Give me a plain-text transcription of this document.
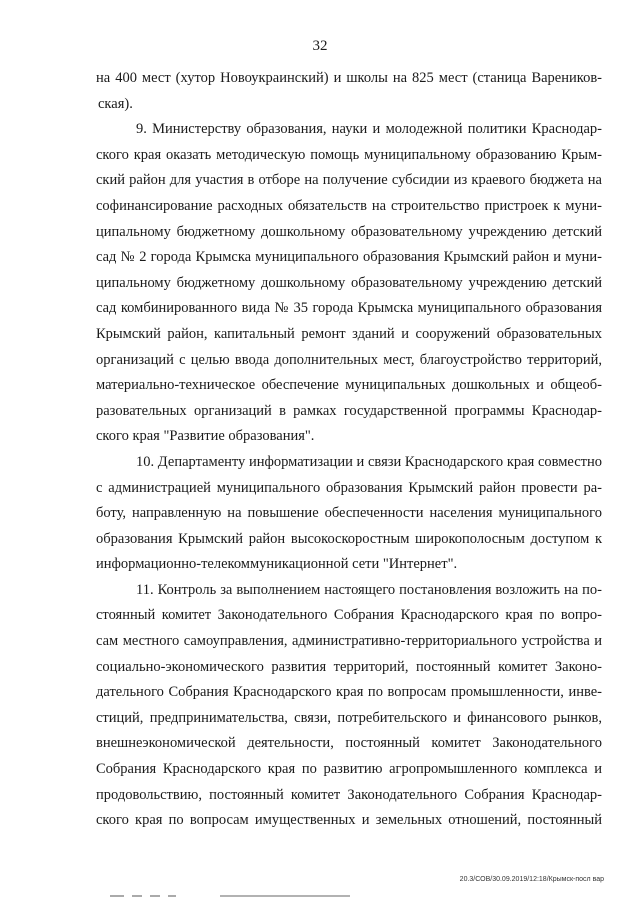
32
на 400 мест (хутор Новоукраинский) и школы на 825 мест (станица Вареников-
ская).
9. Министерству образования, науки и молодежной политики Краснодар-
ского края оказать методическую помощь муниципальному образованию Крым-
ский район для участия в отборе на получение субсидии из краевого бюджета на
софинансирование расходных обязательств на строительство пристроек к муни-
ципальному бюджетному дошкольному образовательному учреждению детский
сад № 2 города Крымска муниципального образования Крымский район и муни-
ципальному бюджетному дошкольному образовательному учреждению детский
сад комбинированного вида № 35 города Крымска муниципального образования
Крымский район, капитальный ремонт зданий и сооружений образовательных
организаций с целью ввода дополнительных мест, благоустройство территорий,
материально-техническое обеспечение муниципальных дошкольных и общеоб-
разовательных организаций в рамках государственной программы Краснодар-
ского края "Развитие образования".
10. Департаменту информатизации и связи Краснодарского края совместно
с администрацией муниципального образования Крымский район провести ра-
боту, направленную на повышение обеспеченности населения муниципального
образования Крымский район высокоскоростным широкополосным доступом к
информационно-телекоммуникационной сети "Интернет".
11. Контроль за выполнением настоящего постановления возложить на по-
стоянный комитет Законодательного Собрания Краснодарского края по вопро-
сам местного самоуправления, административно-территориального устройства и
социально-экономического развития территорий, постоянный комитет Законо-
дательного Собрания Краснодарского края по вопросам промышленности, инве-
стиций, предпринимательства, связи, потребительского и финансового рынков,
внешнеэкономической деятельности, постоянный комитет Законодательного
Собрания Краснодарского края по развитию агропромышленного комплекса и
продовольствию, постоянный комитет Законодательного Собрания Краснодар-
ского края по вопросам имущественных и земельных отношений, постоянный
20.3/СОВ/30.09.2019/12:18/Крымск-посл вар
